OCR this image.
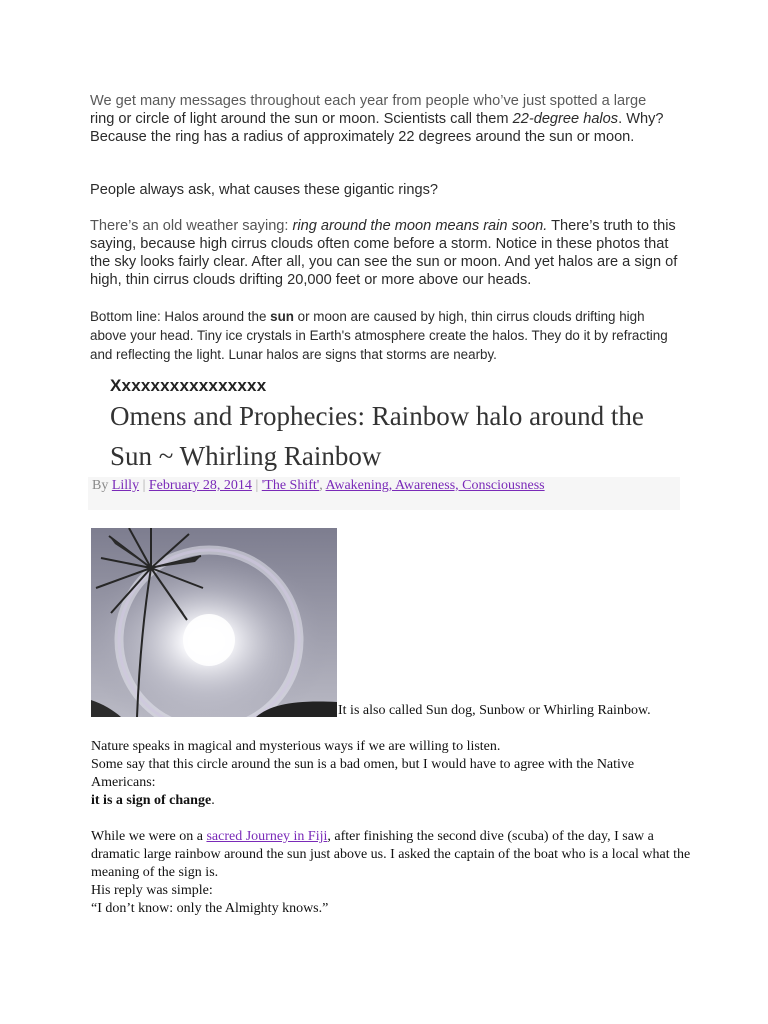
We get many messages throughout each year from people who’ve just spotted a large
ring or circle of light around the sun or moon. Scientists call them 22-degree halos. Why? Because the ring has a radius of approximately 22 degrees around the sun or moon.
People always ask, what causes these gigantic rings?
There’s an old weather saying: ring around the moon means rain soon. There’s truth to this saying, because high cirrus clouds often come before a storm. Notice in these photos that the sky looks fairly clear. After all, you can see the sun or moon. And yet halos are a sign of high, thin cirrus clouds drifting 20,000 feet or more above our heads.
Bottom line: Halos around the sun or moon are caused by high, thin cirrus clouds drifting high above your head. Tiny ice crystals in Earth's atmosphere create the halos. They do it by refracting and reflecting the light. Lunar halos are signs that storms are nearby.
Xxxxxxxxxxxxxxxx
Omens and Prophecies: Rainbow halo around the Sun ~ Whirling Rainbow
By Lilly | February 28, 2014 | 'The Shift', Awakening, Awareness, Consciousness
It is also called Sun dog, Sunbow or Whirling Rainbow.
Nature speaks in magical and mysterious ways if we are willing to listen.
Some say that this circle around the sun is a bad omen, but I would have to agree with the Native Americans:
it is a sign of change.
While we were on a sacred Journey in Fiji, after finishing the second dive (scuba) of the day, I saw a dramatic large rainbow around the sun just above us. I asked the captain of the boat who is a local what the meaning of the sign is.
His reply was simple:
“I don’t know: only the Almighty knows.”
